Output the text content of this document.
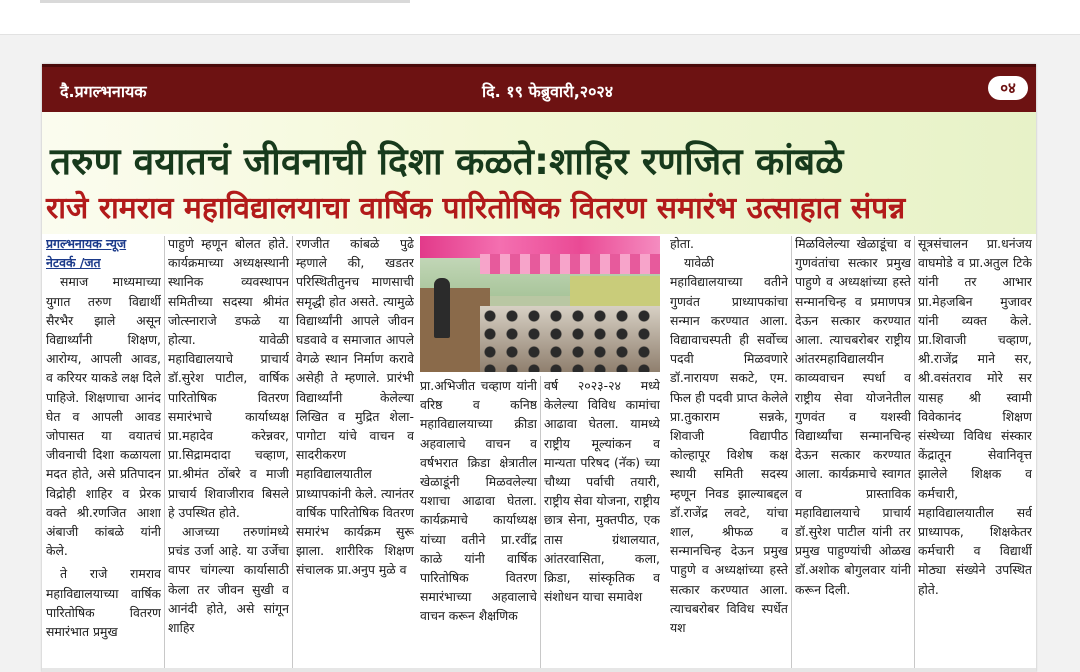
दै.प्रगल्भनायक	दि. १९ फेब्रुवारी,२०२४	०४
तरुण वयातचं जीवनाची दिशा कळते:शाहिर रणजित कांबळे
राजे रामराव महाविद्यालयाचा वार्षिक पारितोषिक वितरण समारंभ उत्साहात संपन्न

प्रगल्भनायक न्यूज

नेटवर्क /जत

समाज माध्यमाच्या युगात तरुण विद्यार्थी सैरभैर झाले असून विद्यार्थ्यांनी शिक्षण, आरोग्य, आपली आवड, व करियर याकडे लक्ष दिले पाहिजे. शिक्षणाचा आनंद घेत व आपली आवड जोपासत या वयातचं जीवनाची दिशा कळायला मदत होते, असे प्रतिपादन विद्रोही शाहिर व प्रेरक वक्ते श्री.रणजित आशा अंबाजी कांबळे यांनी केले.

ते राजे रामराव महाविद्यालयाच्या वार्षिक पारितोषिक वितरण समारंभात प्रमुख

पाहुणे म्हणून बोलत होते. कार्यक्रमाच्या अध्यक्षस्थानी स्थानिक व्यवस्थापन समितीच्या सदस्या श्रीमंत जोत्स्नाराजे डफळे या होत्या. यावेळी महाविद्यालयाचे प्राचार्य डॉ.सुरेश पाटील, वार्षिक पारितोषिक वितरण समारंभाचे कार्याध्यक्ष प्रा.महादेव करेन्नवर, प्रा.सिद्रामदादा चव्हाण, प्रा.श्रीमंत ठोंबरे व माजी प्राचार्य शिवाजीराव बिसले हे उपस्थित होते.

आजच्या तरुणांमध्ये प्रचंड उर्जा आहे. या उर्जेचा वापर चांगल्या कार्यासाठी केला तर जीवन सुखी व आनंदी होते, असे सांगून शाहिर

रणजीत कांबळे पुढे म्हणाले की, खडतर परिस्थितीतुनच माणसाची समृद्धी होत असते. त्यामुळे विद्यार्थ्यांनी आपले जीवन घडवावे व समाजात आपले वेगळे स्थान निर्माण करावे असेही ते म्हणाले. प्रारंभी विद्यार्थ्यांनी केलेल्या लिखित व मुद्रित शेला-पागोटा यांचे वाचन व सादरीकरण महाविद्यालयातील प्राध्यापकांनी केले. त्यानंतर वार्षिक पारितोषिक वितरण समारंभ कार्यक्रम सुरू झाला. शारीरिक शिक्षण संचालक प्रा.अनुप मुळे व

प्रा.अभिजीत चव्हाण यांनी वरिष्ठ व कनिष्ठ महाविद्यालयाच्या क्रीडा अहवालाचे वाचन व वर्षभरात क्रिडा क्षेत्रातील खेळाडूंनी मिळवलेल्या यशाचा आढावा घेतला. कार्यक्रमाचे कार्याध्यक्ष यांच्या वतीने प्रा.रवींद्र काळे यांनी वार्षिक पारितोषिक वितरण समारंभाच्या अहवालाचे वाचन करून शैक्षणिक

वर्ष २०२३-२४ मध्ये केलेल्या विविध कामांचा आढावा घेतला. यामध्ये राष्ट्रीय मूल्यांकन व मान्यता परिषद (नॅक) च्या चौथ्या पर्वाची तयारी, राष्ट्रीय सेवा योजना, राष्ट्रीय छात्र सेना, मुक्तपीठ, एक तास ग्रंथालयात, आंतरवासिता, कला, क्रिडा, सांस्कृतिक व संशोधन याचा समावेश

होता.

यावेळी महाविद्यालयाच्या वतीने गुणवंत प्राध्यापकांचा सन्मान करण्यात आला. विद्यावाचस्पती ही सर्वोच्च पदवी मिळवणारे डॉ.नारायण सकटे, एम. फिल ही पदवी प्राप्त केलेले प्रा.तुकाराम सन्नके, शिवाजी विद्यापीठ कोल्हापूर विशेष कक्ष स्थायी समिती सदस्य म्हणून निवड झाल्याबद्दल डॉ.राजेंद्र लवटे, यांचा शाल, श्रीफळ व सन्मानचिन्ह देऊन प्रमुख पाहुणे व अध्यक्षांच्या हस्ते सत्कार करण्यात आला. त्याचबरोबर विविध स्पर्धेत यश

मिळविलेल्या खेळाडूंचा व गुणवंतांचा सत्कार प्रमुख पाहुणे व अध्यक्षांच्या हस्ते सन्मानचिन्ह व प्रमाणपत्र देऊन सत्कार करण्यात आला. त्याचबरोबर राष्ट्रीय आंतरमहाविद्यालयीन काव्यवाचन स्पर्धा व राष्ट्रीय सेवा योजनेतील गुणवंत व यशस्वी विद्यार्थ्यांचा सन्मानचिन्ह देऊन सत्कार करण्यात आला. कार्यक्रमाचे स्वागत व प्रास्ताविक महाविद्यालयाचे प्राचार्य डॉ.सुरेश पाटील यांनी तर प्रमुख पाहुण्यांची ओळख डॉ.अशोक बोगुलवार यांनी करून दिली.

सूत्रसंचालन प्रा.धनंजय वाघमोडे व प्रा.अतुल टिके यांनी तर आभार प्रा.मेहजबिन मुजावर यांनी व्यक्त केले. प्रा.शिवाजी चव्हाण, श्री.राजेंद्र माने सर, श्री.वसंतराव मोरे सर यासह श्री स्वामी विवेकानंद शिक्षण संस्थेच्या विविध संस्कार केंद्रातून सेवानिवृत्त झालेले शिक्षक व कर्मचारी, महाविद्यालयातील सर्व प्राध्यापक, शिक्षकेतर कर्मचारी व विद्यार्थी मोठ्या संख्येने उपस्थित होते.
